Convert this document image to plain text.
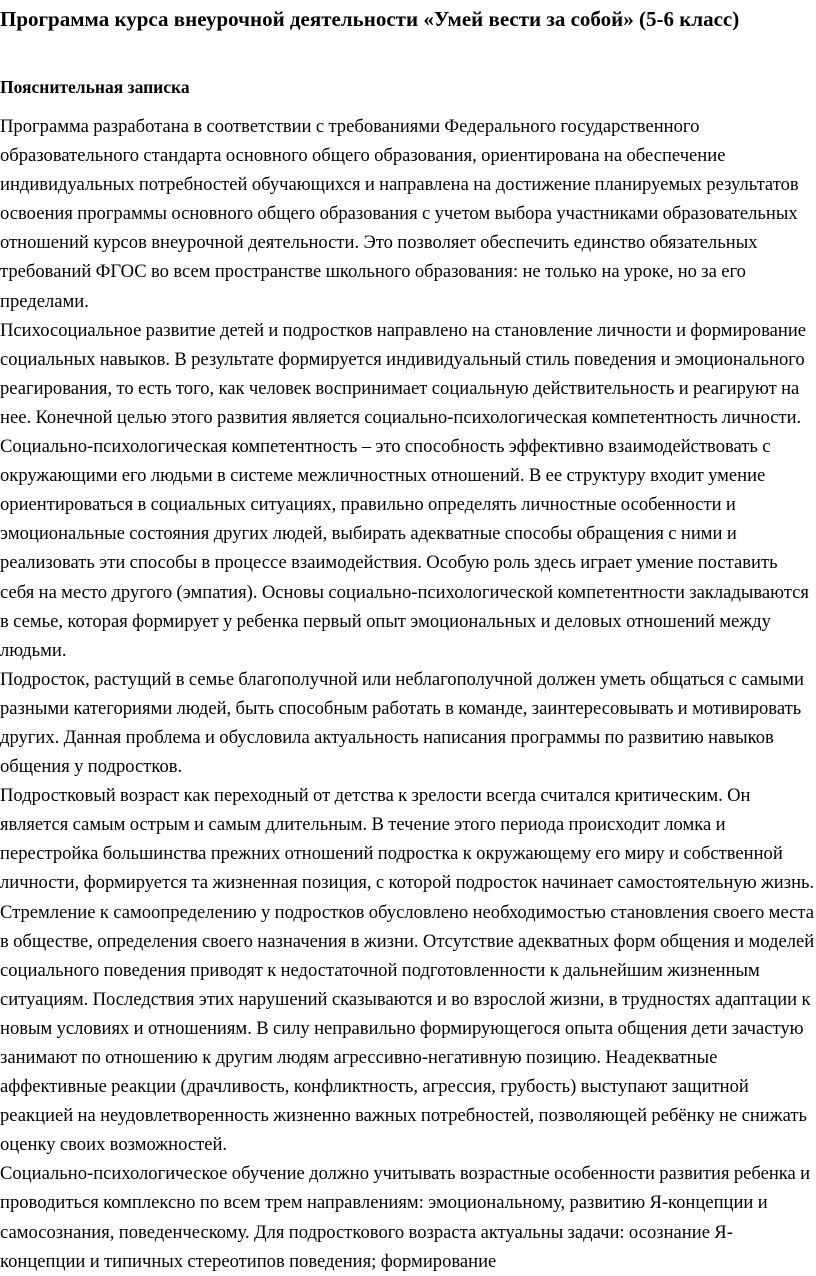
Программа курса внеурочной деятельности «Умей вести за собой» (5-6 класс)
Пояснительная записка

Программа разработана в соответствии с требованиями Федерального государственного образовательного стандарта основного общего образования, ориентирована на обеспечение индивидуальных потребностей обучающихся и направлена на достижение планируемых результатов освоения программы основного общего образования с учетом выбора участниками образовательных отношений курсов внеурочной деятельности. Это позволяет обеспечить единство обязательных требований ФГОС во всем пространстве школьного образования: не только на уроке, но за его пределами.

Психосоциальное развитие детей и подростков направлено на становление личности и формирование социальных навыков. В результате формируется индивидуальный стиль поведения и эмоционального реагирования, то есть того, как человек воспринимает социальную действительность и реагируют на нее. Конечной целью этого развития является социально-психологическая компетентность личности.

Социально-психологическая компетентность – это способность эффективно взаимодействовать с окружающими его людьми в системе межличностных отношений. В ее структуру входит умение ориентироваться в социальных ситуациях, правильно определять личностные особенности и эмоциональные состояния других людей, выбирать адекватные способы обращения с ними и реализовать эти способы в процессе взаимодействия. Особую роль здесь играет умение поставить себя на место другого (эмпатия). Основы социально-психологической компетентности закладываются в семье, которая формирует у ребенка первый опыт эмоциональных и деловых отношений между людьми.

Подросток, растущий в семье благополучной или неблагополучной должен уметь общаться с самыми разными категориями людей, быть способным работать в команде, заинтересовывать и мотивировать других. Данная проблема и обусловила актуальность написания программы по развитию навыков общения у подростков.

Подростковый возраст как переходный от детства к зрелости всегда считался критическим. Он является самым острым и самым длительным. В течение этого периода происходит ломка и перестройка большинства прежних отношений подростка к окружающему его миру и собственной личности, формируется та жизненная позиция, с которой подросток начинает самостоятельную жизнь. Стремление к самоопределению у подростков обусловлено необходимостью становления своего места в обществе, определения своего назначения в жизни. Отсутствие адекватных форм общения и моделей социального поведения приводят к недостаточной подготовленности к дальнейшим жизненным ситуациям. Последствия этих нарушений сказываются и во взрослой жизни, в трудностях адаптации к новым условиях и отношениям. В силу неправильно формирующегося опыта общения дети зачастую занимают по отношению к другим людям агрессивно-негативную позицию. Неадекватные аффективные реакции (драчливость, конфликтность, агрессия, грубость) выступают защитной реакцией на неудовлетворенность жизненно важных потребностей, позволяющей ребёнку не снижать оценку своих возможностей.

Социально-психологическое обучение должно учитывать возрастные особенности развития ребенка и проводиться комплексно по всем трем направлениям: эмоциональному, развитию Я-концепции и самосознания, поведенческому. Для подросткового возраста актуальны задачи: осознание Я-концепции и типичных стереотипов поведения; формирование
